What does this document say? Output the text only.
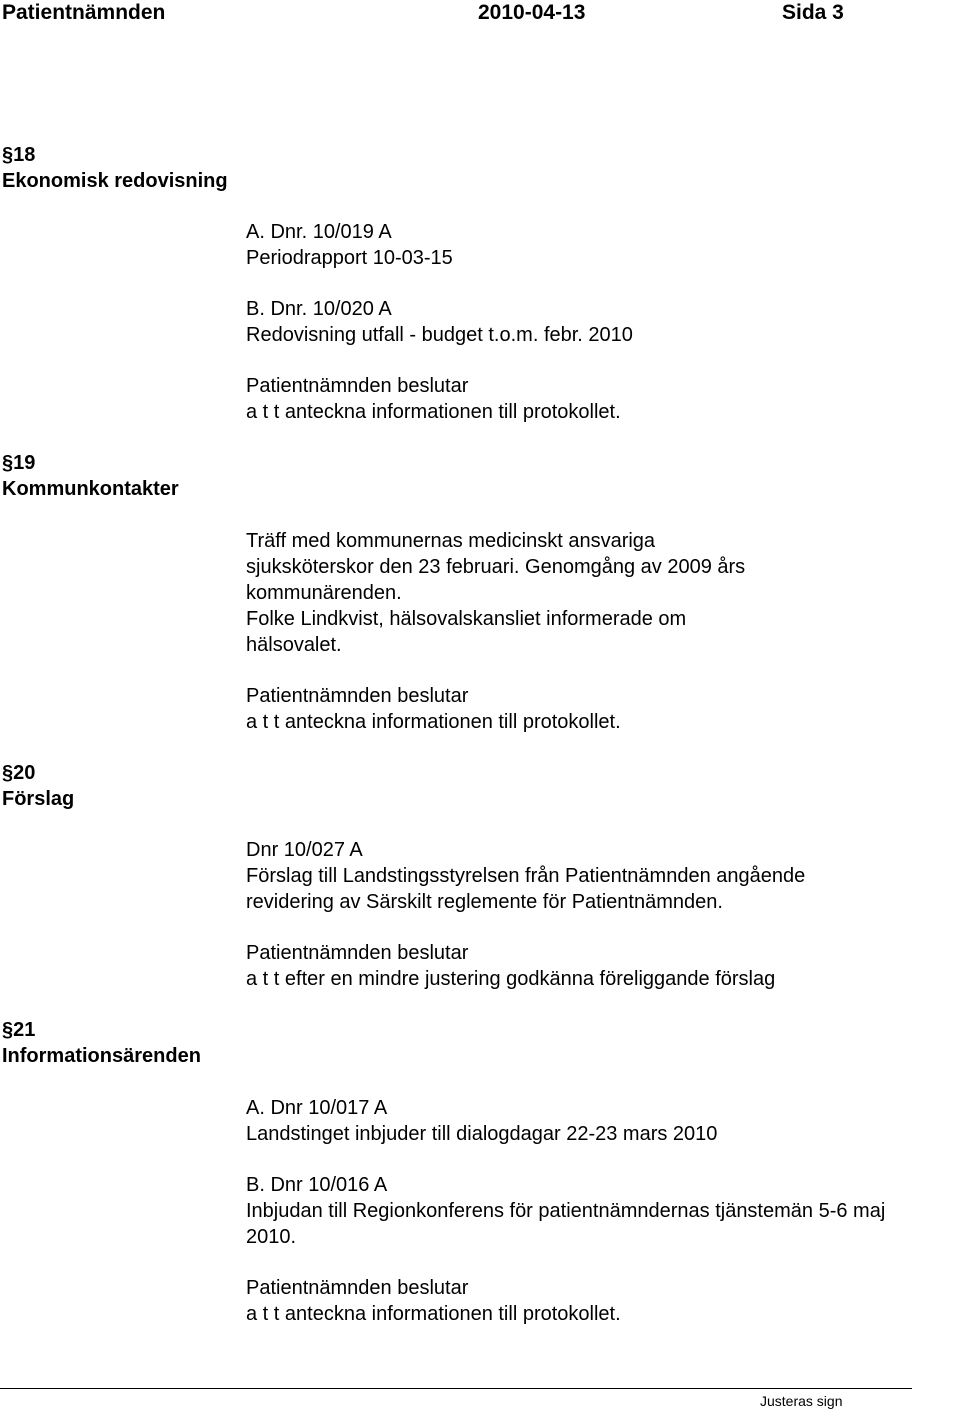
Patientnämnden	2010-04-13	Sida 3
§18
Ekonomisk redovisning
A. Dnr. 10/019 A
Periodrapport 10-03-15
B. Dnr. 10/020 A
Redovisning utfall - budget t.o.m. febr. 2010
Patientnämnden beslutar
a t t anteckna informationen till protokollet.
§19
Kommunkontakter
Träff med kommunernas medicinskt ansvariga
sjuksköterskor den 23 februari. Genomgång av 2009 års
kommunärenden.
Folke Lindkvist, hälsovalskansliet informerade om
hälsovalet.
Patientnämnden beslutar
a t t anteckna informationen till protokollet.
§20
Förslag
Dnr 10/027 A
Förslag till Landstingsstyrelsen från Patientnämnden angående
revidering av Särskilt reglemente för Patientnämnden.
Patientnämnden beslutar
a t t efter en mindre justering godkänna föreliggande förslag
§21
Informationsärenden
A. Dnr 10/017 A
Landstinget inbjuder till dialogdagar 22-23 mars 2010
B. Dnr 10/016 A
Inbjudan till Regionkonferens för patientnämndernas tjänstemän 5-6 maj
2010.
Patientnämnden beslutar
a t t anteckna informationen till protokollet.
Justeras sign
